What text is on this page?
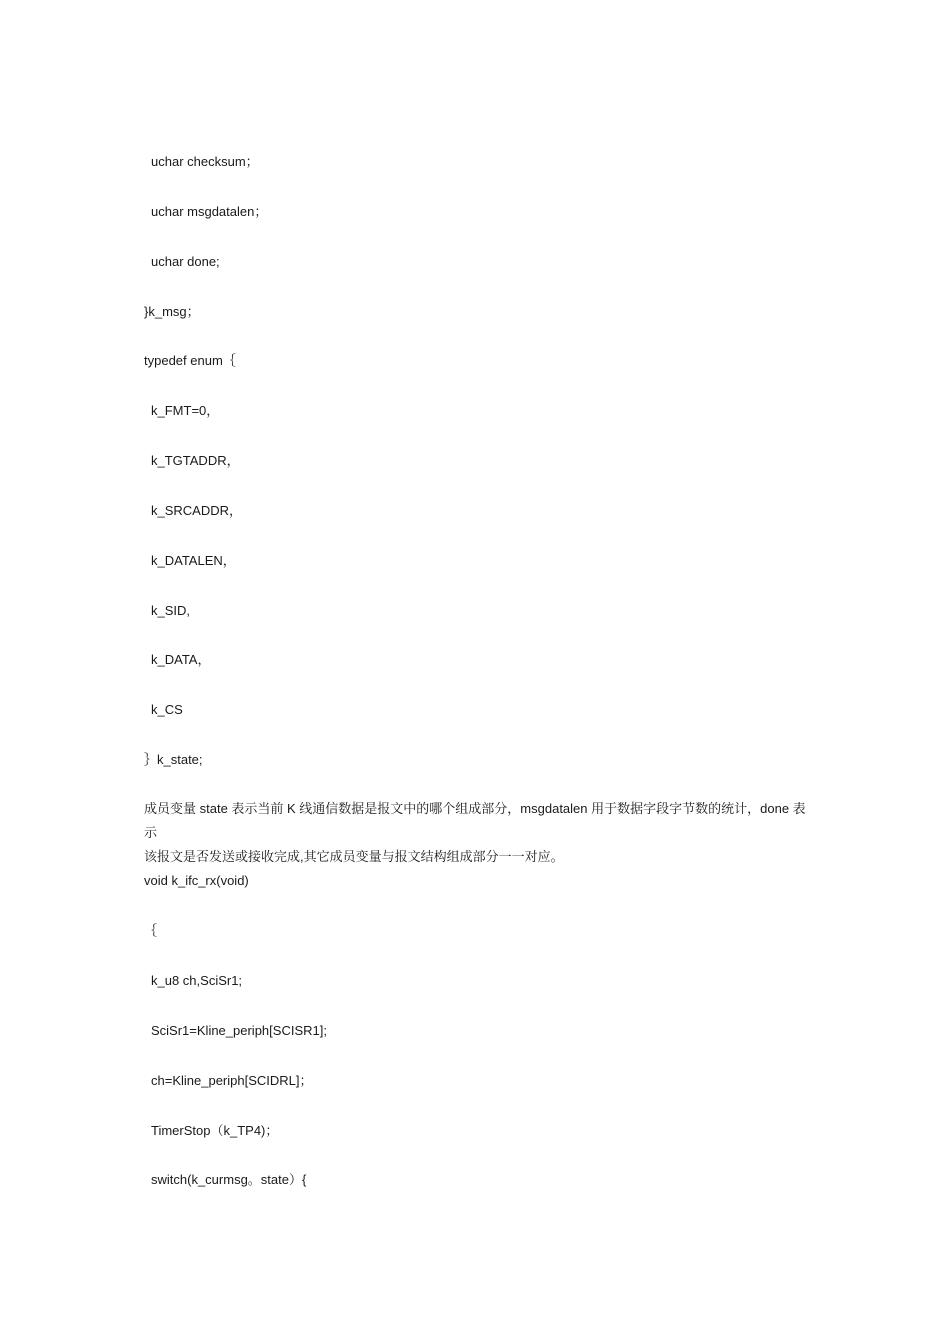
uchar checksum；
uchar msgdatalen；
uchar done;
}k_msg；
typedef enum｛
k_FMT=0，
k_TGTADDR，
k_SRCADDR，
k_DATALEN，
k_SID,
k_DATA，
k_CS
｝k_state;
成员变量 state 表示当前 K 线通信数据是报文中的哪个组成部分，msgdatalen 用于数据字段字节数的统计，done 表示
该报文是否发送或接收完成,其它成员变量与报文结构组成部分一一对应。
void k_ifc_rx(void)
｛
k_u8 ch,SciSr1;
SciSr1=Kline_periph[SCISR1];
ch=Kline_periph[SCIDRL]；
TimerStop（k_TP4)；
switch(k_curmsg。state）{
